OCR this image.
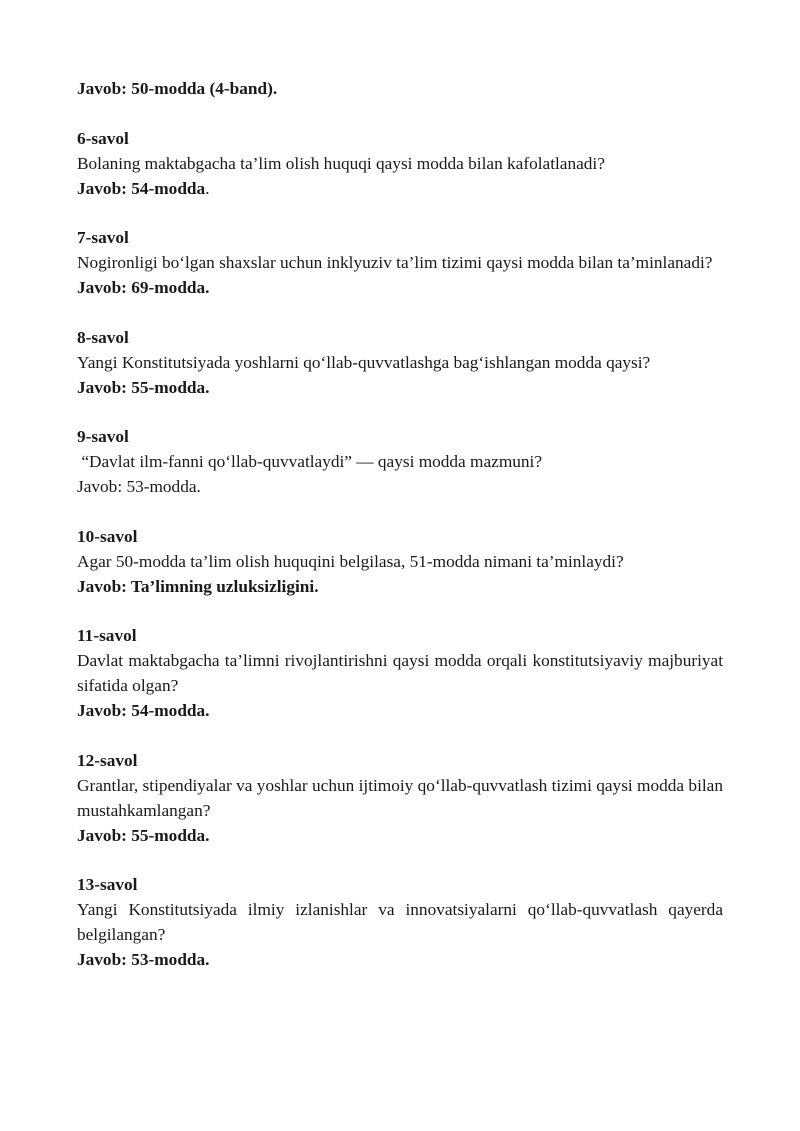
Javob: 50-modda (4-band).

6-savol

Bolaning maktabgacha ta’lim olish huquqi qaysi modda bilan kafolatlanadi?

Javob: 54-modda.

7-savol

Nogironligi bo‘lgan shaxslar uchun inklyuziv ta’lim tizimi qaysi modda bilan ta’minlanadi?

Javob: 69-modda.

8-savol

Yangi Konstitutsiyada yoshlarni qo‘llab-quvvatlashga bag‘ishlangan modda qaysi?

Javob: 55-modda.

9-savol

“Davlat ilm-fanni qo‘llab-quvvatlaydi” — qaysi modda mazmuni?

Javob: 53-modda.

10-savol

Agar 50-modda ta’lim olish huquqini belgilasa, 51-modda nimani ta’minlaydi?

Javob: Ta’limning uzluksizligini.

11-savol

Davlat maktabgacha ta’limni rivojlantirishni qaysi modda orqali konstitutsiyaviy majburiyat sifatida olgan?

Javob: 54-modda.

12-savol

Grantlar, stipendiyalar va yoshlar uchun ijtimoiy qo‘llab-quvvatlash tizimi qaysi modda bilan mustahkamlangan?

Javob: 55-modda.

13-savol

Yangi Konstitutsiyada ilmiy izlanishlar va innovatsiyalarni qo‘llab-quvvatlash qayerda belgilangan?

Javob: 53-modda.
